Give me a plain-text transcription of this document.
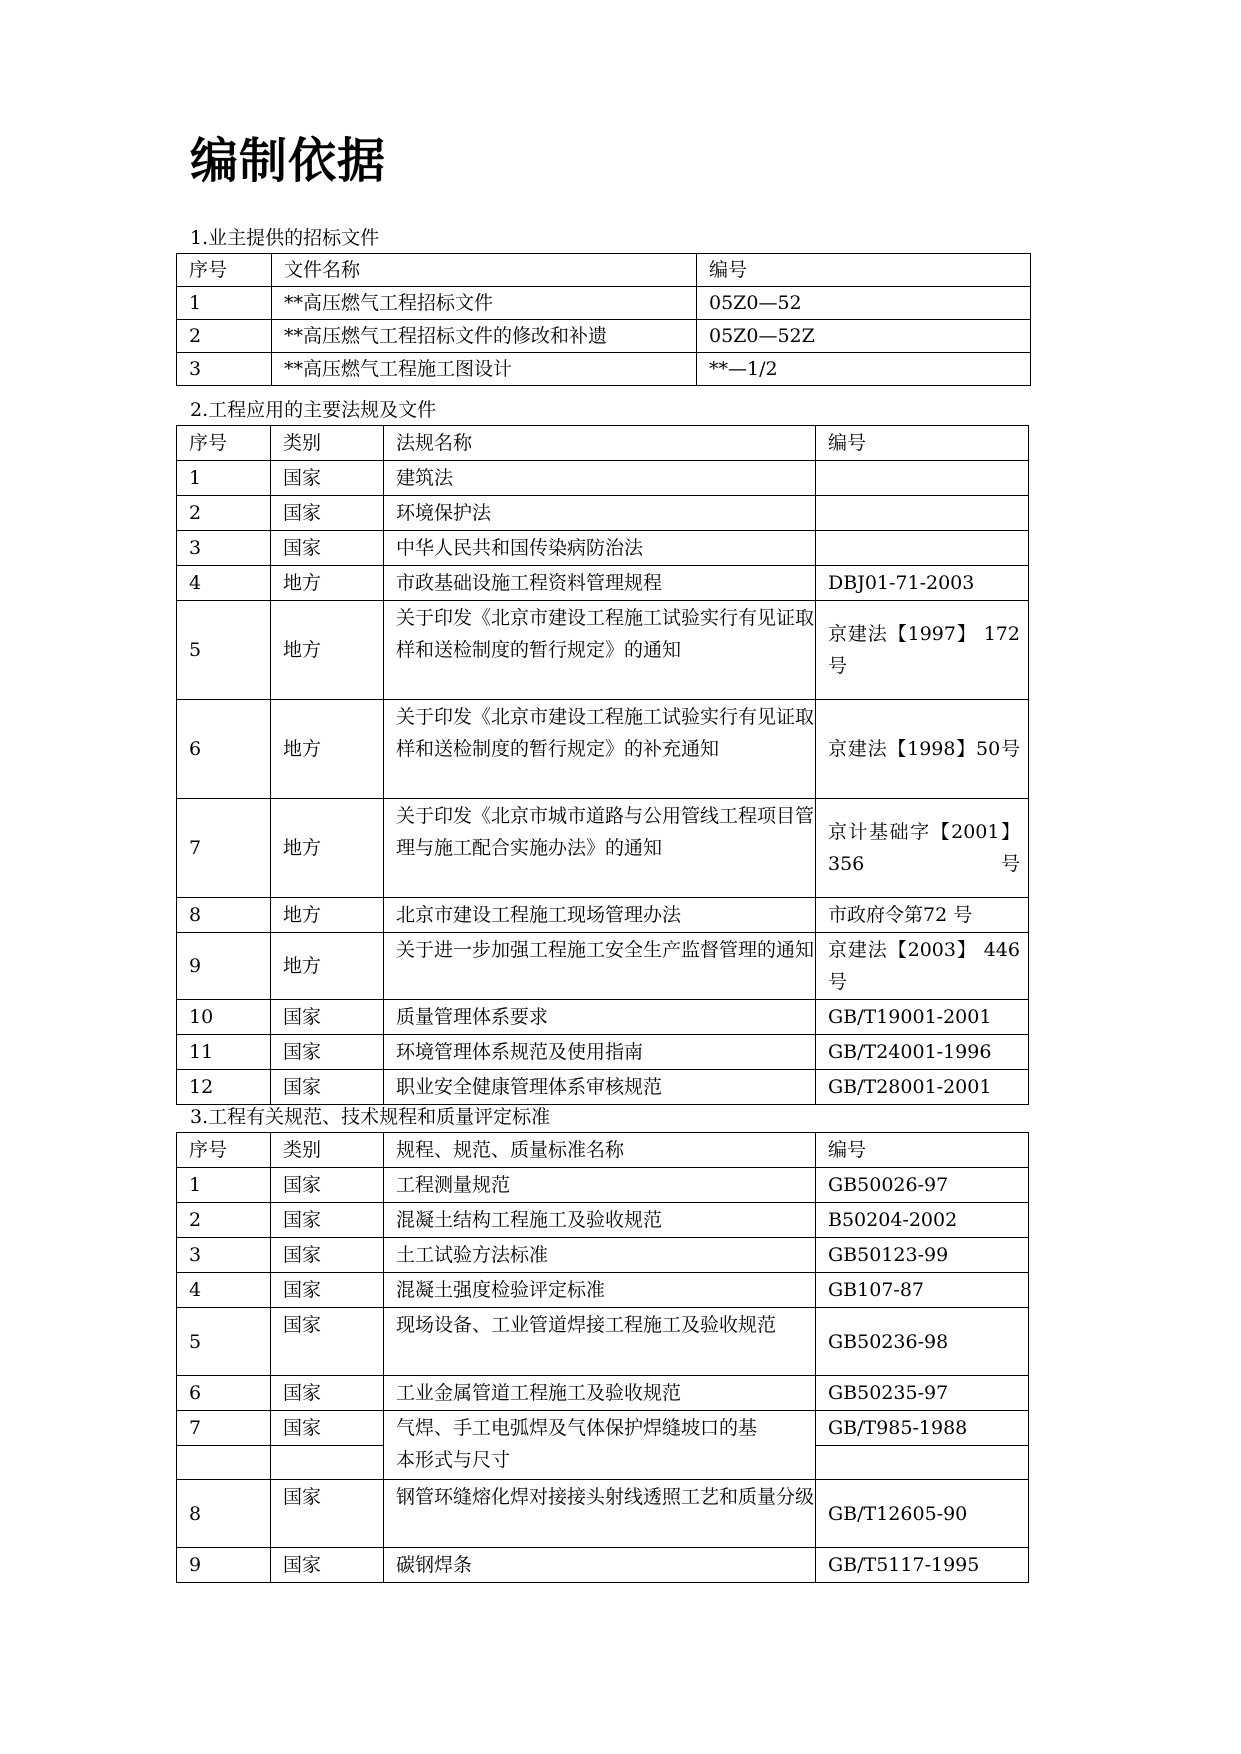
编制依据
1.业主提供的招标文件
序号	文件名称	编号
1	**高压燃气工程招标文件	05Z0—52
2	**高压燃气工程招标文件的修改和补遗	05Z0—52Z
3	**高压燃气工程施工图设计	**—1/2
2.工程应用的主要法规及文件
序号	类别	法规名称	编号
1	国家	建筑法	
2	国家	环境保护法	
3	国家	中华人民共和国传染病防治法	
4	地方	市政基础设施工程资料管理规程	DBJ01-71-2003
5	地方	关于印发《北京市建设工程施工试验实行有见证取样和送检制度的暂行规定》的通知	京建法【1997】 172号
6	地方	关于印发《北京市建设工程施工试验实行有见证取样和送检制度的暂行规定》的补充通知	京建法【1998】50号
7	地方	关于印发《北京市城市道路与公用管线工程项目管理与施工配合实施办法》的通知	京计基础字【2001】356号
8	地方	北京市建设工程施工现场管理办法	市政府令第72 号
9	地方	关于进一步加强工程施工安全生产监督管理的通知	京建法【2003】 446号
10	国家	质量管理体系要求	GB/T19001-2001
11	国家	环境管理体系规范及使用指南	GB/T24001-1996
12	国家	职业安全健康管理体系审核规范	GB/T28001-2001
3.工程有关规范、技术规程和质量评定标准
序号	类别	规程、规范、质量标准名称	编号
1	国家	工程测量规范	GB50026-97
2	国家	混凝土结构工程施工及验收规范	B50204-2002
3	国家	土工试验方法标准	GB50123-99
4	国家	混凝土强度检验评定标准	GB107-87
5	国家	现场设备、工业管道焊接工程施工及验收规范	GB50236-98
6	国家	工业金属管道工程施工及验收规范	GB50235-97
7	国家	气焊、手工电弧焊及气体保护焊缝坡口的基本形式与尺寸	GB/T985-1988

8	国家	钢管环缝熔化焊对接接头射线透照工艺和质量分级	GB/T12605-90
9	国家	碳钢焊条	GB/T5117-1995
